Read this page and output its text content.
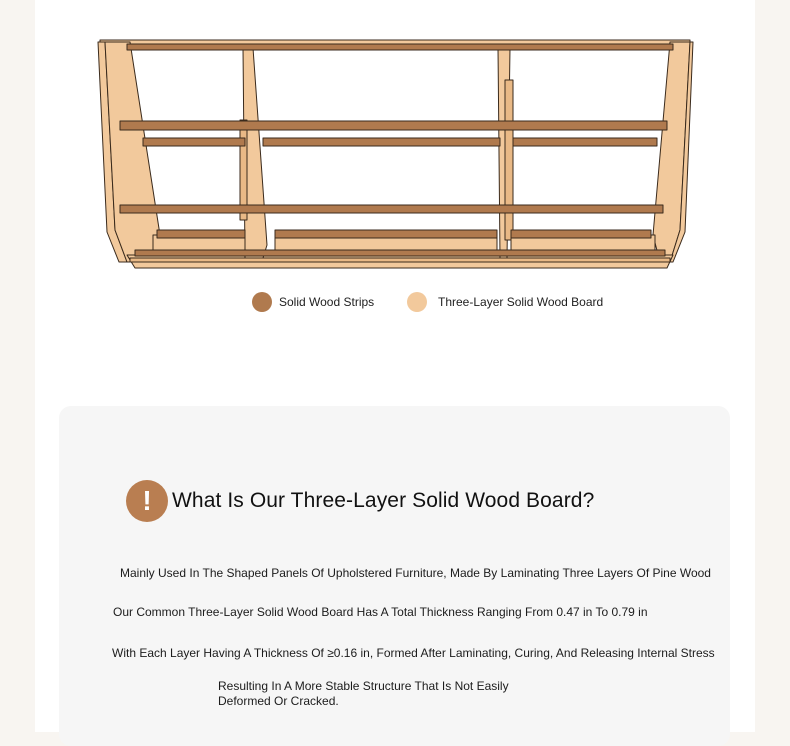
Solid Wood Strips	Three-Layer Solid Wood Board
! What Is Our Three-Layer Solid Wood Board?
Mainly Used In The Shaped Panels Of Upholstered Furniture, Made By Laminating Three Layers Of Pine Wood
Our Common Three-Layer Solid Wood Board Has A Total Thickness Ranging From 0.47 in To 0.79 in
With Each Layer Having A Thickness Of ≥0.16 in, Formed After Laminating, Curing, And Releasing Internal Stress
Resulting In A More Stable Structure That Is Not Easily Deformed Or Cracked.
